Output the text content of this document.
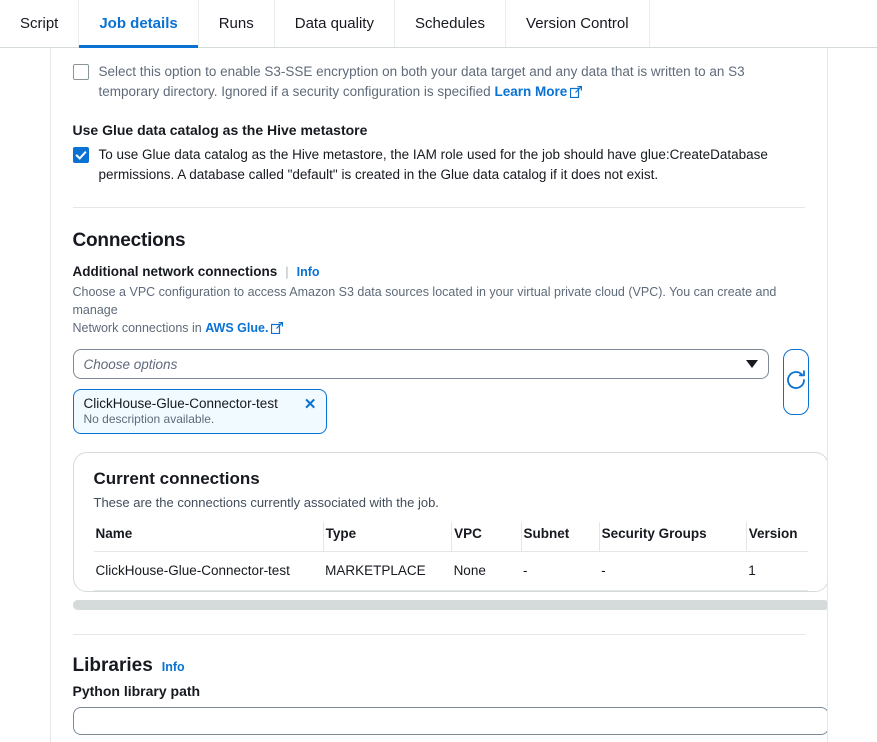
Script	Job details	Runs	Data quality	Schedules	Version Control
Select this option to enable S3-SSE encryption on both your data target and any data that is written to an S3 temporary directory. Ignored if a security configuration is specified Learn More
Use Glue data catalog as the Hive metastore
To use Glue data catalog as the Hive metastore, the IAM role used for the job should have glue:CreateDatabase permissions. A database called "default" is created in the Glue data catalog if it does not exist.
Connections
Additional network connections | Info
Choose a VPC configuration to access Amazon S3 data sources located in your virtual private cloud (VPC). You can create and manage
Network connections in AWS Glue.
Choose options
ClickHouse-Glue-Connector-test
No description available.
✕
Current connections
These are the connections currently associated with the job.
Name	Type	VPC	Subnet	Security Groups	Version
ClickHouse-Glue-Connector-test	MARKETPLACE	None	-	-	1
Libraries Info
Python library path
